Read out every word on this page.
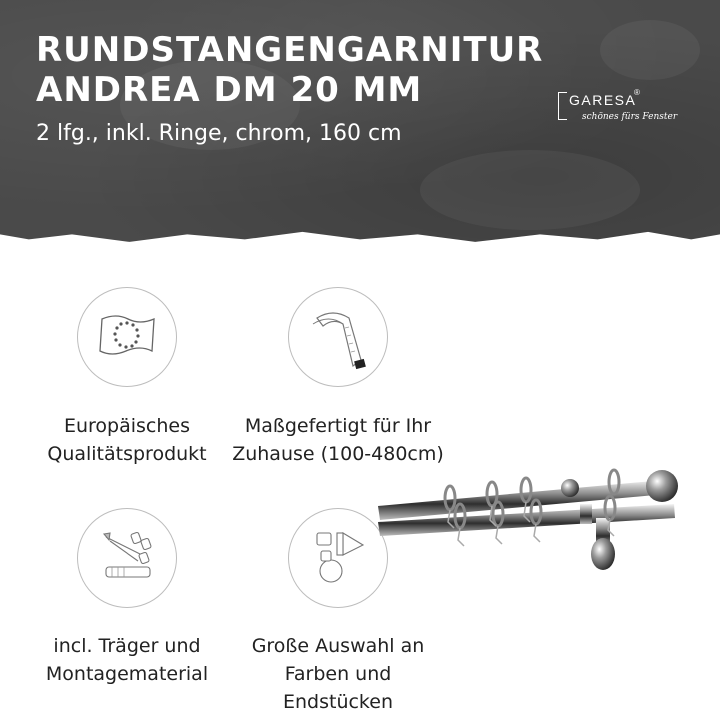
RUNDSTANGENGARNITUR
ANDREA DM 20 MM

2 lfg., inkl. Ringe, chrom, 160 cm

GARESA
®
schönes fürs Fenster
Europäisches
Qualitätsprodukt
Maßgefertigt für Ihr
Zuhause (100-480cm)
incl. Träger und
Montagematerial
Große Auswahl an
Farben und Endstücken
